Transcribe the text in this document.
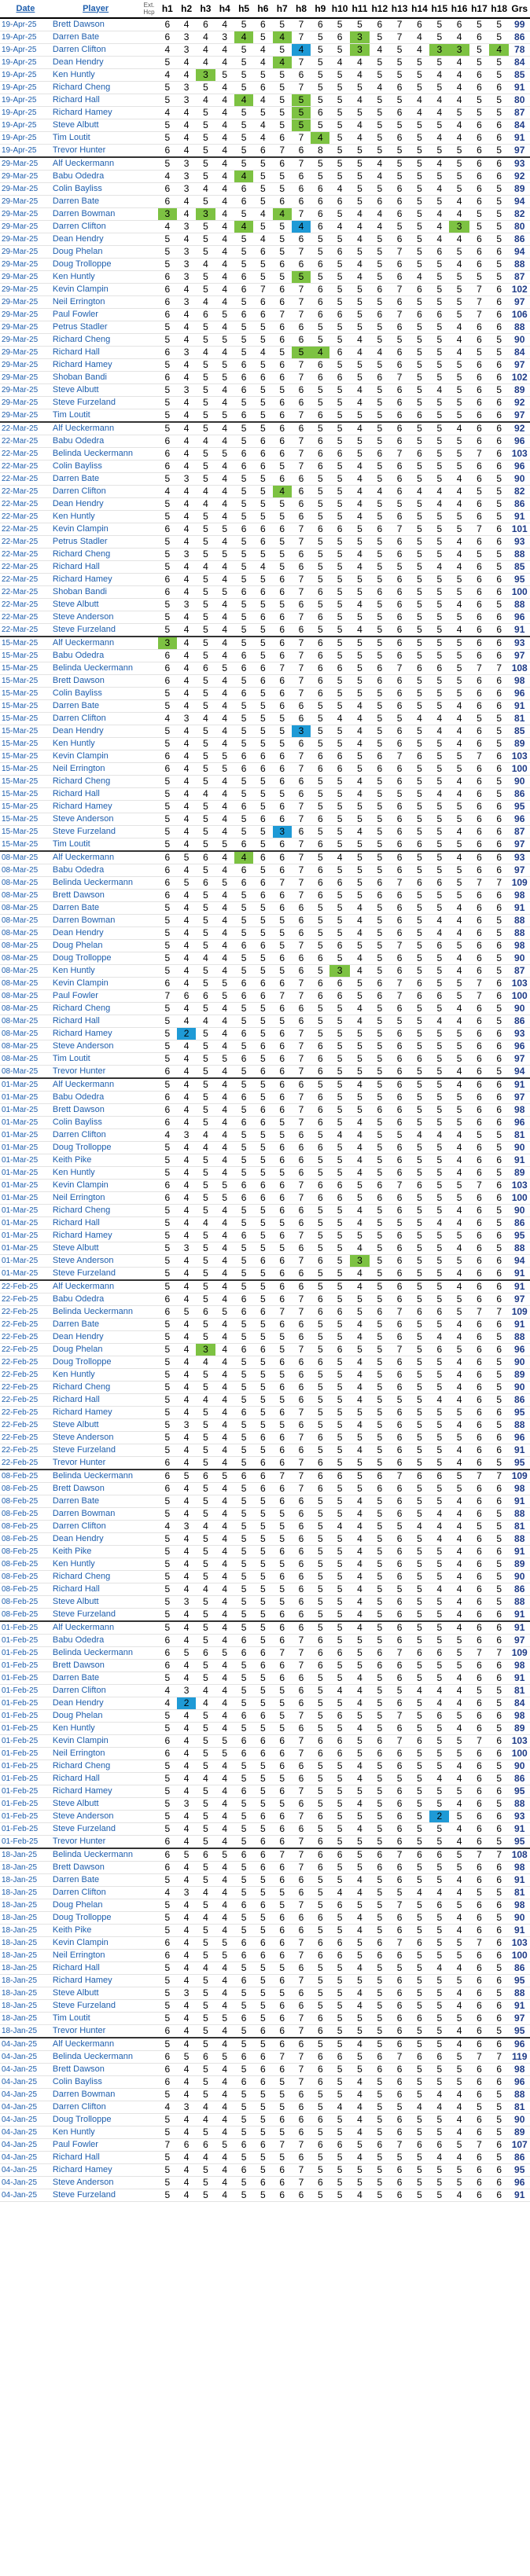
Date	Player	Ext. Hcp	h1	h2	h3	h4	h5	h6	h7	h8	h9	h10	h11	h12	h13	h14	h15	h16	h17	h18	Grs
19-Apr-25	Brett Dawson		6	4	6	4	5	6	5	7	6	5	5	6	7	6	5	6	5	5	99
19-Apr-25	Darren Bate		6	3	4	3	4	5	4	7	5	6	3	5	7	4	5	4	6	5	86
19-Apr-25	Darren Clifton		4	3	4	4	5	4	5	4	5	5	3	4	5	4	3	3	5	4	78
19-Apr-25	Dean Hendry		5	4	4	4	5	4	4	7	5	4	4	5	5	5	5	4	5	5	84
19-Apr-25	Ken Huntly		4	4	3	5	5	5	5	6	5	5	4	5	5	5	4	4	6	5	85
19-Apr-25	Richard Cheng		5	3	5	4	5	6	5	7	5	5	5	4	6	5	5	4	6	6	91
19-Apr-25	Richard Hall		5	3	4	4	4	4	5	5	5	5	4	5	5	4	4	4	5	5	80
19-Apr-25	Richard Hamey		4	4	5	4	5	5	5	5	6	5	5	5	6	4	4	5	5	5	87
19-Apr-25	Steve Albutt		5	4	5	4	5	4	5	5	5	5	4	5	5	5	5	4	6	6	84
19-Apr-25	Tim Loutit		5	4	5	4	5	4	6	7	4	5	4	5	6	5	4	4	6	6	91
19-Apr-25	Trevor Hunter		6	4	5	4	5	6	7	6	8	5	5	5	5	5	5	5	6	5	97
29-Mar-25	Alf Ueckermann		5	3	5	4	5	5	6	7	5	5	5	4	5	5	4	5	6	6	93
29-Mar-25	Babu Odedra		4	3	5	4	4	5	5	6	5	5	5	4	5	5	5	5	6	6	92
29-Mar-25	Colin Bayliss		6	3	4	4	6	5	5	6	6	4	5	5	6	5	4	5	6	5	89
29-Mar-25	Darren Bate		6	4	5	4	6	5	6	6	6	6	5	6	6	5	5	4	6	5	94
29-Mar-25	Darren Bowman		3	4	3	4	5	4	4	7	6	5	4	4	6	5	4	4	5	5	82
29-Mar-25	Darren Clifton		4	3	5	4	4	5	5	4	6	4	4	4	5	5	4	3	5	5	80
29-Mar-25	Dean Hendry		5	4	5	4	5	4	5	6	5	5	4	5	6	5	4	4	6	5	86
29-Mar-25	Doug Phelan		5	3	5	4	5	6	5	7	5	6	5	5	7	5	6	5	6	6	94
29-Mar-25	Doug Trolloppe		5	3	4	4	5	5	6	6	6	5	4	5	6	5	5	4	6	5	88
29-Mar-25	Ken Huntly		6	3	5	4	6	5	5	5	5	5	4	5	6	4	5	5	5	5	87
29-Mar-25	Kevin Clampin		6	4	5	4	6	7	6	7	6	5	5	6	7	6	5	5	7	6	102
29-Mar-25	Neil Errington		6	3	4	4	5	6	6	7	6	5	5	5	6	5	5	5	7	6	97
29-Mar-25	Paul Fowler		6	4	6	5	6	6	7	7	6	6	5	6	7	6	6	5	7	6	106
29-Mar-25	Petrus Stadler		5	4	5	4	5	5	6	6	5	5	5	5	6	5	5	4	6	6	88
29-Mar-25	Richard Cheng		5	4	5	5	5	5	6	6	5	5	4	5	5	5	5	4	6	5	90
29-Mar-25	Richard Hall		6	3	4	4	5	4	5	5	4	6	4	4	6	5	5	4	5	5	84
29-Mar-25	Richard Hamey		5	4	5	5	6	5	6	7	6	5	5	5	6	5	5	5	6	6	97
29-Mar-25	Shoban Bandi		6	4	5	5	6	6	6	7	6	6	5	6	7	5	5	5	6	6	102
29-Mar-25	Steve Albutt		5	3	5	4	6	5	5	6	5	5	4	5	6	5	4	5	6	5	89
29-Mar-25	Steve Furzeland		5	4	5	4	5	5	6	6	5	5	4	5	6	5	5	5	6	6	92
29-Mar-25	Tim Loutit		5	4	5	5	6	5	6	7	6	5	5	5	6	6	5	5	6	6	97
22-Mar-25	Alf Ueckermann		5	4	5	4	5	5	6	6	5	5	4	5	6	5	5	4	6	6	92
22-Mar-25	Babu Odedra		6	4	4	4	5	6	6	7	6	5	5	5	6	5	5	5	6	6	96
22-Mar-25	Belinda Ueckermann		6	4	5	5	6	6	6	7	6	6	5	6	7	6	5	5	7	6	103
22-Mar-25	Colin Bayliss		6	4	5	4	6	6	5	7	6	5	4	5	6	5	5	5	6	6	96
22-Mar-25	Darren Bate		5	3	5	4	5	5	6	6	5	5	4	5	6	5	5	4	6	5	90
22-Mar-25	Darren Clifton		4	4	4	4	5	5	4	6	5	5	4	4	6	4	4	4	5	5	82
22-Mar-25	Dean Hendry		5	4	4	4	5	5	5	6	5	5	4	5	5	5	4	4	6	5	86
22-Mar-25	Ken Huntly		5	4	5	4	5	5	5	6	5	5	4	5	6	5	5	5	6	5	91
22-Mar-25	Kevin Clampin		6	4	5	5	6	6	6	7	6	6	5	6	7	5	5	5	7	6	101
22-Mar-25	Petrus Stadler		5	4	5	4	5	6	5	7	5	5	5	5	6	5	5	4	6	6	93
22-Mar-25	Richard Cheng		5	3	5	5	5	5	5	6	5	5	4	5	6	5	5	4	5	5	88
22-Mar-25	Richard Hall		5	4	4	4	5	4	5	6	5	5	4	5	5	5	4	4	6	5	85
22-Mar-25	Richard Hamey		6	4	5	4	5	5	6	7	5	5	5	5	6	5	5	5	6	6	95
22-Mar-25	Shoban Bandi		6	4	5	5	6	6	6	7	6	5	5	6	6	5	5	5	6	6	100
22-Mar-25	Steve Albutt		5	3	5	4	5	5	5	6	5	5	4	5	6	5	5	4	6	5	88
22-Mar-25	Steve Anderson		5	4	5	4	5	6	6	7	6	5	5	5	6	5	5	5	6	6	96
22-Mar-25	Steve Furzeland		5	4	5	4	5	5	6	6	5	5	4	5	6	5	5	4	6	6	91
15-Mar-25	Alf Ueckermann		3	4	5	4	5	5	6	7	6	5	5	5	6	5	5	5	6	6	93
15-Mar-25	Babu Odedra		6	4	5	4	6	5	6	7	6	5	5	5	6	5	5	5	6	6	97
15-Mar-25	Belinda Ueckermann		6	4	6	5	6	6	7	7	6	6	5	6	7	6	6	5	7	7	108
15-Mar-25	Brett Dawson		6	4	5	4	5	6	6	7	6	5	5	6	6	5	5	5	6	6	98
15-Mar-25	Colin Bayliss		5	4	5	4	6	5	6	7	6	5	5	5	6	5	5	5	6	6	96
15-Mar-25	Darren Bate		5	4	5	4	5	5	6	6	5	5	4	5	6	5	5	4	6	6	91
15-Mar-25	Darren Clifton		4	3	4	4	5	5	5	6	5	4	4	5	5	4	4	4	5	5	81
15-Mar-25	Dean Hendry		5	4	5	4	5	5	5	3	5	5	4	5	6	5	4	4	6	5	85
15-Mar-25	Ken Huntly		5	4	5	4	5	5	5	6	5	5	4	5	6	5	5	4	6	5	89
15-Mar-25	Kevin Clampin		6	4	5	5	6	6	6	7	6	6	5	6	7	6	5	5	7	6	103
15-Mar-25	Neil Errington		6	4	5	5	6	6	6	7	6	6	5	6	6	5	5	5	6	6	100
15-Mar-25	Richard Cheng		5	4	5	4	5	5	6	6	5	5	4	5	6	5	5	4	6	5	90
15-Mar-25	Richard Hall		5	4	4	4	5	5	5	6	5	5	4	5	5	5	4	4	6	5	86
15-Mar-25	Richard Hamey		5	4	5	4	6	5	6	7	5	5	5	5	6	5	5	5	6	6	95
15-Mar-25	Steve Anderson		5	4	5	4	5	6	6	7	6	5	5	5	6	5	5	5	6	6	96
15-Mar-25	Steve Furzeland		5	4	5	4	5	5	3	6	5	5	4	5	6	5	5	4	6	6	87
15-Mar-25	Tim Loutit		5	4	5	5	6	5	6	7	6	5	5	5	6	6	5	5	6	6	97
08-Mar-25	Alf Ueckermann		6	5	6	4	4	6	6	7	5	4	5	5	6	5	5	4	6	6	93
08-Mar-25	Babu Odedra		6	4	5	4	6	5	6	7	6	5	5	5	6	5	5	5	6	6	97
08-Mar-25	Belinda Ueckermann		6	5	6	5	6	6	7	7	6	6	5	6	7	6	6	5	7	7	109
08-Mar-25	Brett Dawson		6	4	5	4	5	6	6	7	6	5	5	6	6	5	5	5	6	6	98
08-Mar-25	Darren Bate		5	4	5	4	5	5	6	6	5	5	4	5	6	5	5	4	6	6	91
08-Mar-25	Darren Bowman		5	4	5	4	5	5	5	6	5	5	4	5	6	5	4	4	6	5	88
08-Mar-25	Dean Hendry		5	4	5	4	5	5	5	6	5	5	4	5	6	5	4	4	6	5	88
08-Mar-25	Doug Phelan		5	4	5	4	6	6	5	7	5	6	5	5	7	5	6	5	6	6	98
08-Mar-25	Doug Trolloppe		5	4	4	4	5	5	6	6	6	5	4	5	6	5	5	4	6	5	90
08-Mar-25	Ken Huntly		5	4	5	4	5	5	5	6	5	3	4	5	6	5	5	4	6	5	87
08-Mar-25	Kevin Clampin		6	4	5	5	6	6	6	7	6	6	5	6	7	6	5	5	7	6	103
08-Mar-25	Paul Fowler		7	6	6	5	6	6	7	7	6	6	5	6	7	6	6	5	7	6	100
08-Mar-25	Richard Cheng		5	4	5	4	5	5	6	6	5	5	4	5	6	5	5	4	6	5	90
08-Mar-25	Richard Hall		5	4	4	4	5	5	5	6	5	5	4	5	5	5	4	4	6	5	86
08-Mar-25	Richard Hamey		5	2	5	4	6	5	6	7	5	5	5	5	6	5	5	5	6	6	93
08-Mar-25	Steve Anderson		5	4	5	4	5	6	6	7	6	5	5	5	6	5	5	5	6	6	96
08-Mar-25	Tim Loutit		5	4	5	5	6	5	6	7	6	5	5	5	6	6	5	5	6	6	97
08-Mar-25	Trevor Hunter		6	4	5	4	5	6	6	7	6	5	5	5	6	5	5	4	6	5	94
01-Mar-25	Alf Ueckermann		5	4	5	4	5	5	6	6	5	5	4	5	6	5	5	4	6	6	91
01-Mar-25	Babu Odedra		6	4	5	4	6	5	6	7	6	5	5	5	6	5	5	5	6	6	97
01-Mar-25	Brett Dawson		6	4	5	4	5	6	6	7	6	5	5	6	6	5	5	5	6	6	98
01-Mar-25	Colin Bayliss		6	4	5	4	6	6	5	7	6	5	4	5	6	5	5	5	6	6	96
01-Mar-25	Darren Clifton		4	3	4	4	5	5	5	6	5	4	4	5	5	4	4	4	5	5	81
01-Mar-25	Doug Trolloppe		5	4	4	4	5	5	6	6	6	5	4	5	6	5	5	4	6	5	90
01-Mar-25	Keith Pike		5	4	5	4	5	5	6	6	5	5	4	5	6	5	5	4	6	6	91
01-Mar-25	Ken Huntly		5	4	5	4	5	5	5	6	5	5	4	5	6	5	5	4	6	5	89
01-Mar-25	Kevin Clampin		6	4	5	5	6	6	6	7	6	6	5	6	7	6	5	5	7	6	103
01-Mar-25	Neil Errington		6	4	5	5	6	6	6	7	6	6	5	6	6	5	5	5	6	6	100
01-Mar-25	Richard Cheng		5	4	5	4	5	5	6	6	5	5	4	5	6	5	5	4	6	5	90
01-Mar-25	Richard Hall		5	4	4	4	5	5	5	6	5	5	4	5	5	5	4	4	6	5	86
01-Mar-25	Richard Hamey		5	4	5	4	6	5	6	7	5	5	5	5	6	5	5	5	6	6	95
01-Mar-25	Steve Albutt		5	3	5	4	5	5	5	6	5	5	4	5	6	5	5	4	6	5	88
01-Mar-25	Steve Anderson		5	4	5	4	5	6	6	7	6	5	3	5	6	5	5	5	6	6	94
01-Mar-25	Steve Furzeland		5	4	5	4	5	5	6	6	5	5	4	5	6	5	5	4	6	6	91
22-Feb-25	Alf Ueckermann		5	4	5	4	5	5	6	6	5	5	4	5	6	5	5	4	6	6	91
22-Feb-25	Babu Odedra		6	4	5	4	6	5	6	7	6	5	5	5	6	5	5	5	6	6	97
22-Feb-25	Belinda Ueckermann		6	5	6	5	6	6	7	7	6	6	5	6	7	6	6	5	7	7	109
22-Feb-25	Darren Bate		5	4	5	4	5	5	6	6	5	5	4	5	6	5	5	4	6	6	91
22-Feb-25	Dean Hendry		5	4	5	4	5	5	5	6	5	5	4	5	6	5	4	4	6	5	88
22-Feb-25	Doug Phelan		5	4	3	4	6	6	5	7	5	6	5	5	7	5	6	5	6	6	96
22-Feb-25	Doug Trolloppe		5	4	4	4	5	5	6	6	6	5	4	5	6	5	5	4	6	5	90
22-Feb-25	Ken Huntly		5	4	5	4	5	5	5	6	5	5	4	5	6	5	5	4	6	5	89
22-Feb-25	Richard Cheng		5	4	5	4	5	5	6	6	5	5	4	5	6	5	5	4	6	5	90
22-Feb-25	Richard Hall		5	4	4	4	5	5	5	6	5	5	4	5	5	5	4	4	6	5	86
22-Feb-25	Richard Hamey		5	4	5	4	6	5	6	7	5	5	5	5	6	5	5	5	6	6	95
22-Feb-25	Steve Albutt		5	3	5	4	5	5	5	6	5	5	4	5	6	5	5	4	6	5	88
22-Feb-25	Steve Anderson		5	4	5	4	5	6	6	7	6	5	5	5	6	5	5	5	6	6	96
22-Feb-25	Steve Furzeland		5	4	5	4	5	5	6	6	5	5	4	5	6	5	5	4	6	6	91
22-Feb-25	Trevor Hunter		6	4	5	4	5	6	6	7	6	5	5	5	6	5	5	4	6	5	95
08-Feb-25	Belinda Ueckermann		6	5	6	5	6	6	7	7	6	6	5	6	7	6	6	5	7	7	109
08-Feb-25	Brett Dawson		6	4	5	4	5	6	6	7	6	5	5	6	6	5	5	5	6	6	98
08-Feb-25	Darren Bate		5	4	5	4	5	5	6	6	5	5	4	5	6	5	5	4	6	6	91
08-Feb-25	Darren Bowman		5	4	5	4	5	5	5	6	5	5	4	5	6	5	4	4	6	5	88
08-Feb-25	Darren Clifton		4	3	4	4	5	5	5	6	5	4	4	5	5	4	4	4	5	5	81
08-Feb-25	Dean Hendry		5	4	5	4	5	5	5	6	5	5	4	5	6	5	4	4	6	5	88
08-Feb-25	Keith Pike		5	4	5	4	5	5	6	6	5	5	4	5	6	5	5	4	6	6	91
08-Feb-25	Ken Huntly		5	4	5	4	5	5	5	6	5	5	4	5	6	5	5	4	6	5	89
08-Feb-25	Richard Cheng		5	4	5	4	5	5	6	6	5	5	4	5	6	5	5	4	6	5	90
08-Feb-25	Richard Hall		5	4	4	4	5	5	5	6	5	5	4	5	5	5	4	4	6	5	86
08-Feb-25	Steve Albutt		5	3	5	4	5	5	5	6	5	5	4	5	6	5	5	4	6	5	88
08-Feb-25	Steve Furzeland		5	4	5	4	5	5	6	6	5	5	4	5	6	5	5	4	6	6	91
01-Feb-25	Alf Ueckermann		5	4	5	4	5	5	6	6	5	5	4	5	6	5	5	4	6	6	91
01-Feb-25	Babu Odedra		6	4	5	4	6	5	6	7	6	5	5	5	6	5	5	5	6	6	97
01-Feb-25	Belinda Ueckermann		6	5	6	5	6	6	7	7	6	6	5	6	7	6	6	5	7	7	109
01-Feb-25	Brett Dawson		6	4	5	4	5	6	6	7	6	5	5	6	6	5	5	5	6	6	98
01-Feb-25	Darren Bate		5	4	5	4	5	5	6	6	5	5	4	5	6	5	5	4	6	6	91
01-Feb-25	Darren Clifton		4	3	4	4	5	5	5	6	5	4	4	5	5	4	4	4	5	5	81
01-Feb-25	Dean Hendry		4	2	4	4	5	5	5	6	5	5	4	5	6	5	4	4	6	5	84
01-Feb-25	Doug Phelan		5	4	5	4	6	6	5	7	5	6	5	5	7	5	6	5	6	6	98
01-Feb-25	Ken Huntly		5	4	5	4	5	5	5	6	5	5	4	5	6	5	5	4	6	5	89
01-Feb-25	Kevin Clampin		6	4	5	5	6	6	6	7	6	6	5	6	7	6	5	5	7	6	103
01-Feb-25	Neil Errington		6	4	5	5	6	6	6	7	6	6	5	6	6	5	5	5	6	6	100
01-Feb-25	Richard Cheng		5	4	5	4	5	5	6	6	5	5	4	5	6	5	5	4	6	5	90
01-Feb-25	Richard Hall		5	4	4	4	5	5	5	6	5	5	4	5	5	5	4	4	6	5	86
01-Feb-25	Richard Hamey		5	4	5	4	6	5	6	7	5	5	5	5	6	5	5	5	6	6	95
01-Feb-25	Steve Albutt		5	3	5	4	5	5	5	6	5	5	4	5	6	5	5	4	6	5	88
01-Feb-25	Steve Anderson		5	4	5	4	5	6	6	7	6	5	5	5	6	5	2	5	6	6	93
01-Feb-25	Steve Furzeland		5	4	5	4	5	5	6	6	5	5	4	5	6	5	5	4	6	6	91
01-Feb-25	Trevor Hunter		6	4	5	4	5	6	6	7	6	5	5	5	6	5	5	4	6	5	95
18-Jan-25	Belinda Ueckermann		6	5	6	5	6	6	7	7	6	6	5	6	7	6	6	5	7	7	108
18-Jan-25	Brett Dawson		6	4	5	4	5	6	6	7	6	5	5	6	6	5	5	5	6	6	98
18-Jan-25	Darren Bate		5	4	5	4	5	5	6	6	5	5	4	5	6	5	5	4	6	6	91
18-Jan-25	Darren Clifton		4	3	4	4	5	5	5	6	5	4	4	5	5	4	4	4	5	5	81
18-Jan-25	Doug Phelan		5	4	5	4	6	6	5	7	5	6	5	5	7	5	6	5	6	6	98
18-Jan-25	Doug Trolloppe		5	4	4	4	5	5	6	6	6	5	4	5	6	5	5	4	6	5	90
18-Jan-25	Keith Pike		5	4	5	4	5	5	6	6	5	5	4	5	6	5	5	4	6	6	91
18-Jan-25	Kevin Clampin		6	4	5	5	6	6	6	7	6	6	5	6	7	6	5	5	7	6	103
18-Jan-25	Neil Errington		6	4	5	5	6	6	6	7	6	6	5	6	6	5	5	5	6	6	100
18-Jan-25	Richard Hall		5	4	4	4	5	5	5	6	5	5	4	5	5	5	4	4	6	5	86
18-Jan-25	Richard Hamey		5	4	5	4	6	5	6	7	5	5	5	5	6	5	5	5	6	6	95
18-Jan-25	Steve Albutt		5	3	5	4	5	5	5	6	5	5	4	5	6	5	5	4	6	5	88
18-Jan-25	Steve Furzeland		5	4	5	4	5	5	6	6	5	5	4	5	6	5	5	4	6	6	91
18-Jan-25	Tim Loutit		5	4	5	5	6	5	6	7	6	5	5	5	6	6	5	5	6	6	97
18-Jan-25	Trevor Hunter		6	4	5	4	5	6	6	7	6	5	5	5	6	5	5	4	6	5	95
04-Jan-25	Alf Ueckermann		5	4	5	4	5	5	6	6	5	5	4	5	6	5	5	4	6	6	96
04-Jan-25	Belinda Ueckermann		6	5	6	5	6	6	7	7	6	6	5	6	7	6	6	5	7	7	119
04-Jan-25	Brett Dawson		6	4	5	4	5	6	6	7	6	5	5	6	6	5	5	5	6	6	98
04-Jan-25	Colin Bayliss		6	4	5	4	6	6	5	7	6	5	4	5	6	5	5	5	6	6	96
04-Jan-25	Darren Bowman		5	4	5	4	5	5	5	6	5	5	4	5	6	5	4	4	6	5	88
04-Jan-25	Darren Clifton		4	3	4	4	5	5	5	6	5	4	4	5	5	4	4	4	5	5	81
04-Jan-25	Doug Trolloppe		5	4	4	4	5	5	6	6	6	5	4	5	6	5	5	4	6	5	90
04-Jan-25	Ken Huntly		5	4	5	4	5	5	5	6	5	5	4	5	6	5	5	4	6	5	89
04-Jan-25	Paul Fowler		7	6	6	5	6	6	7	7	6	6	5	6	7	6	6	5	7	6	107
04-Jan-25	Richard Hall		5	4	4	4	5	5	5	6	5	5	4	5	5	5	4	4	6	5	86
04-Jan-25	Richard Hamey		5	4	5	4	6	5	6	7	5	5	5	5	6	5	5	5	6	6	95
04-Jan-25	Steve Anderson		5	4	5	4	5	6	6	7	6	5	5	5	6	5	5	5	6	6	96
04-Jan-25	Steve Furzeland		5	4	5	4	5	5	6	6	5	5	4	5	6	5	5	4	6	6	91
